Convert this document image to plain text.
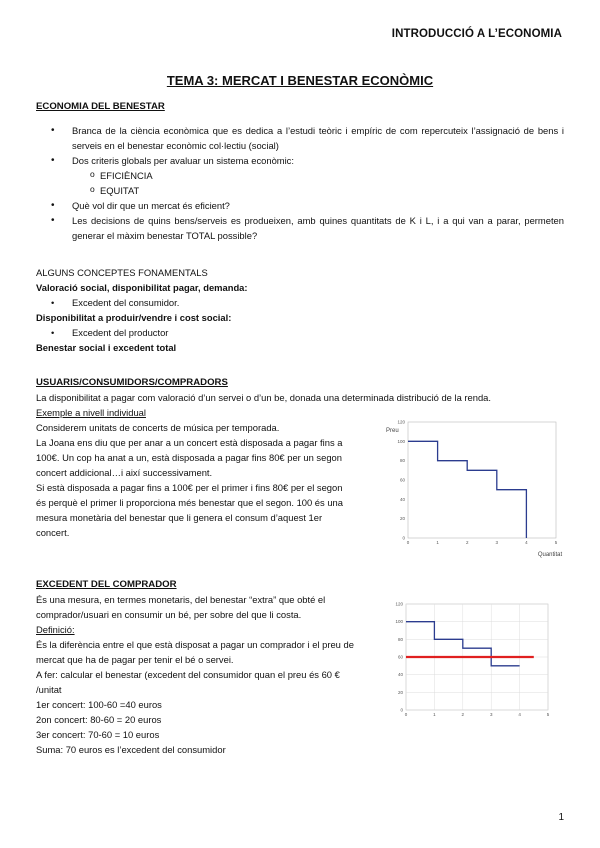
INTRODUCCIÓ A L’ECONOMIA
TEMA 3: MERCAT I BENESTAR ECONÒMIC
ECONOMIA DEL BENESTAR
• Branca de la ciència econòmica que es dedica a l’estudi teòric i empíric de com repercuteix l’assignació de bens i serveis en el benestar econòmic col·lectiu (social)
• Dos criteris globals per avaluar un sistema econòmic:
o EFICIÈNCIA
o EQUITAT
• Què vol dir que un mercat és eficient?
• Les decisions de quins bens/serveis es produeixen, amb quines quantitats de K i L, i a qui van a parar, permeten generar el màxim benestar TOTAL possible?

ALGUNS CONCEPTES FONAMENTALS

Valoració social, disponibilitat pagar, demanda:

• Excedent del consumidor.

Disponibilitat a produir/vendre i cost social:

• Excedent del productor

Benestar social i excedent total

USUARIS/CONSUMIDORS/COMPRADORS

La disponibilitat a pagar com valoració d’un servei o d’un be, donada una determinada distribució de la renda.

Exemple a nivell individual

Considerem unitats de concerts de música per temporada.

La Joana ens diu que per anar a un concert està disposada a pagar fins a

100€. Un cop ha anat a un, està disposada a pagar fins 80€ per un segon

concert addicional…i així successivament.

Si està disposada a pagar fins a 100€ per el primer i fins 80€ per el segon

és perquè el primer li proporciona més benestar que el segon. 100 és una

mesura monetària del benestar que li genera el consum d’aquest 1er

concert.

0	1	2	3	4	5
0
20
40
60
80
100
120
Preu
Quantitat
EXCEDENT DEL COMPRADOR

És una mesura, en termes monetaris, del benestar “extra” que obté el

comprador/usuari en consumir un bé, per sobre del que li costa.

Definició:

És la diferència entre el que està disposat a pagar un comprador i el preu de

mercat que ha de pagar per tenir el bé o servei.

A fer: calcular el benestar (excedent del consumidor quan el preu és 60 €

/unitat

1er concert: 100-60 =40 euros

2on concert: 80-60 = 20 euros

3er concert: 70-60 = 10 euros

Suma: 70 euros es l’excedent del consumidor

0	1	2	3	4	5
0
20
40
60
80
100
120
1
